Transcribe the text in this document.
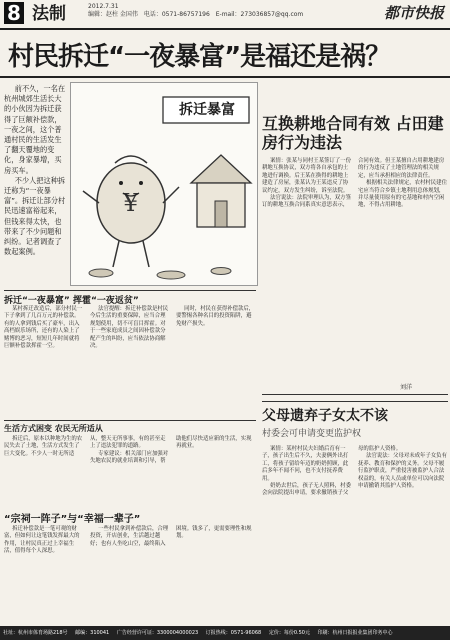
8 法制	2012.7.31
编辑：赵柱 金国伟 电话：0571-86757196 E-mail：273036857@qq.com	都市快报
村民拆迁“一夜暴富”是福还是祸？

前不久，一名在杭州城郊生活长大的小伙因为拆迁获得了巨额补偿款，一夜之间，这个普通村民的生活发生了翻天覆地的变化，身家暴增，买房买车。

不少人把这种拆迁称为“一夜暴富”。拆迁让部分村民迅速富裕起来，但钱来得太快，也带来了不少问题和纠纷。记者调查了数起案例。

¥
拆迁暴富
互换耕地合同有效 占田建房行为违法

案情：张某与同村王某签订了一份耕地互换协议，双方将各自承包的土地进行调换。后王某在换得的耕地上建造了房屋，张某认为王某违反了协议约定，双方发生纠纷，诉至法院。

法官说法：法院审理认为，双方签订的耕地互换合同系真实意思表示，合同有效。但王某擅自占用耕地建房的行为违反了土地管理法的相关规定，应当承担相应的法律责任。

根据相关法律规定，农村村民建住宅应当符合乡镇土地利用总体规划，并尽量使用原有的宅基地和村内空闲地，不得占用耕地。

刘洋
父母遗弃子女太不该
村委会可申请变更监护权

案情：某村村民夫妇婚后育有一子，孩子出生后不久，夫妻俩外出打工，将孩子留给年迈的奶奶照顾，此后多年不闻不问，也不支付抚养费用。

奶奶去世后，孩子无人照料，村委会向法院提出申请，要求撤销孩子父母的监护人资格。

法官说法：父母对未成年子女负有抚养、教育和保护的义务。父母不履行监护职责，严重侵害被监护人合法权益的，有关人员或单位可以向法院申请撤销其监护人资格。

拆迁“一夜暴富” 挥霍“一夜返贫”

某村拆迁改造后，部分村民一下子拿到了几百万元的补偿款。有的人拿到钱后买了豪车，出入高档娱乐场所，还有的人染上了赌博的恶习，短短几年时间就将巨额补偿款挥霍一空。

法官提醒：拆迁补偿款是村民今后生活的重要保障，应当合理规划使用，切不可盲目挥霍。对于一些家庭成员之间因补偿款分配产生的纠纷，应当依法协商解决。

同时，村民在获得补偿款后，要警惕各种名目的投资陷阱，避免财产损失。

生活方式困变 农民无所适从

拆迁后，原本以种地为生的农民失去了土地，生活方式发生了巨大变化。不少人一时无所适从，整天无所事事，有的甚至走上了违法犯罪的道路。

专家建议：相关部门应加强对失地农民的就业培训和引导，帮助他们尽快适应新的生活，实现再就业。

“宗祠一阵子”与“幸福一辈子”

拆迁补偿款是一笔可观的财富，但如何让这笔钱发挥最大的作用，让村民真正过上幸福生活，值得每个人深思。

一些村民拿到补偿款后，合理投资，开店创业，生活越过越好；也有人坐吃山空，最终陷入困境。钱多了，更需要理性和规划。

社址：杭州市体育场路218号 邮编：310041 广告经营许可证：3300004000023 订报热线：0571-96068 定价：每份0.50元 印刷：杭州日报报业集团印务中心
